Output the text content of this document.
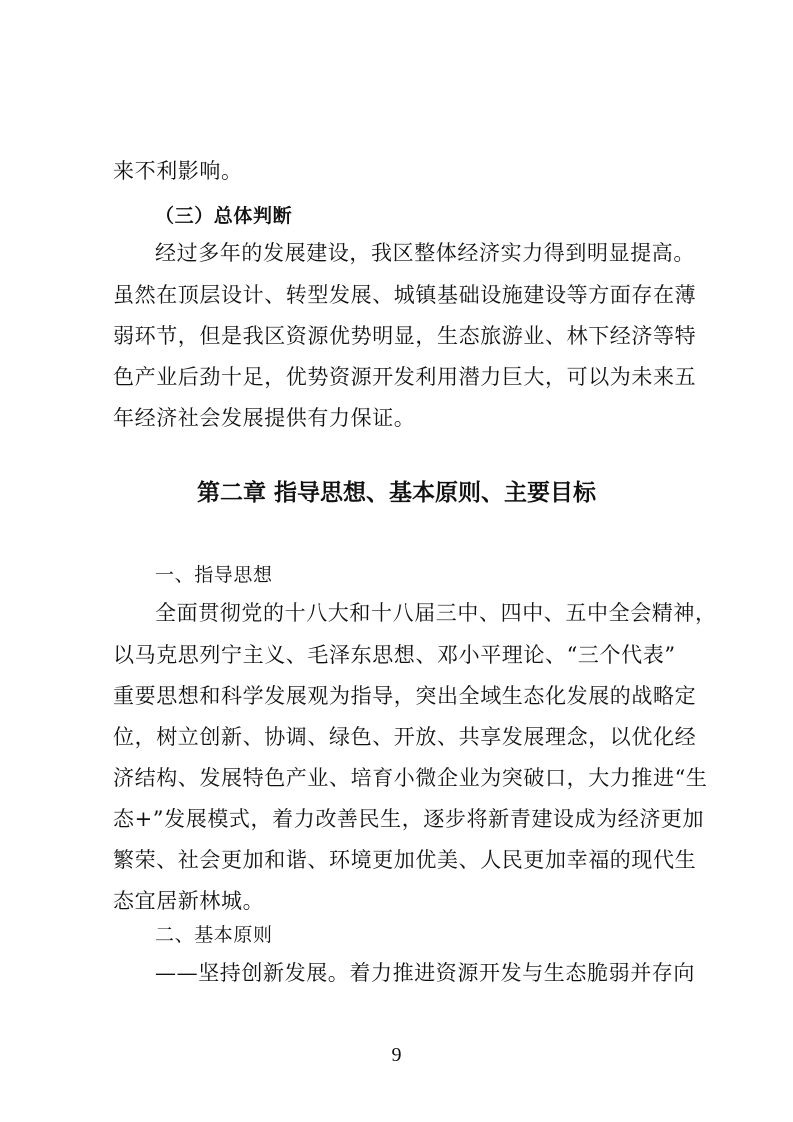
来不利影响。
（三）总体判断
经过多年的发展建设，我区整体经济实力得到明显提高。
虽然在顶层设计、转型发展、城镇基础设施建设等方面存在薄
弱环节，但是我区资源优势明显，生态旅游业、林下经济等特
色产业后劲十足，优势资源开发利用潜力巨大，可以为未来五
年经济社会发展提供有力保证。
第二章 指导思想、基本原则、主要目标
一、指导思想
全面贯彻党的十八大和十八届三中、四中、五中全会精神，
以马克思列宁主义、毛泽东思想、邓小平理论、“三个代表”
重要思想和科学发展观为指导，突出全域生态化发展的战略定
位，树立创新、协调、绿色、开放、共享发展理念，以优化经
济结构、发展特色产业、培育小微企业为突破口，大力推进“生
态+”发展模式，着力改善民生，逐步将新青建设成为经济更加
繁荣、社会更加和谐、环境更加优美、人民更加幸福的现代生
态宜居新林城。
二、基本原则
——坚持创新发展。着力推进资源开发与生态脆弱并存向
9
